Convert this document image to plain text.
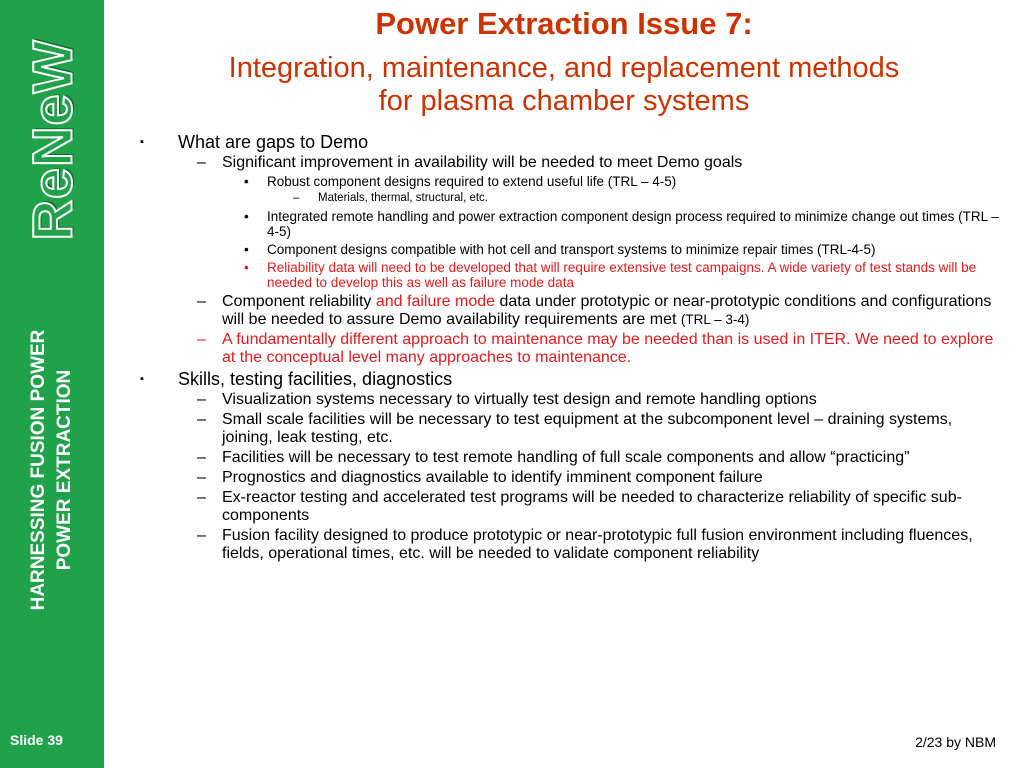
ReNeW
HARNESSING FUSION POWER POWER EXTRACTION
Slide 39
Power Extraction Issue 7:
Integration, maintenance, and replacement methods
for plasma chamber systems
▪ What are gaps to Demo
– Significant improvement in availability will be needed to meet Demo goals
• Robust component designs required to extend useful life (TRL – 4-5)
– Materials, thermal, structural, etc.
• Integrated remote handling and power extraction component design process required to minimize change out times (TRL – 4-5)
• Component designs compatible with hot cell and transport systems to minimize repair times (TRL-4-5)
• Reliability data will need to be developed that will require extensive test campaigns. A wide variety of test stands will be needed to develop this as well as failure mode data
– Component reliability and failure mode data under prototypic or near-prototypic conditions and configurations will be needed to assure Demo availability requirements are met (TRL – 3-4)
– A fundamentally different approach to maintenance may be needed than is used in ITER. We need to explore at the conceptual level many approaches to maintenance.
▪ Skills, testing facilities, diagnostics
– Visualization systems necessary to virtually test design and remote handling options
– Small scale facilities will be necessary to test equipment at the subcomponent level – draining systems, joining, leak testing, etc.
– Facilities will be necessary to test remote handling of full scale components and allow “practicing”
– Prognostics and diagnostics available to identify imminent component failure
– Ex-reactor testing and accelerated test programs will be needed to characterize reliability of specific sub-components
– Fusion facility designed to produce prototypic or near-prototypic full fusion environment including fluences, fields, operational times, etc. will be needed to validate component reliability
2/23 by NBM
